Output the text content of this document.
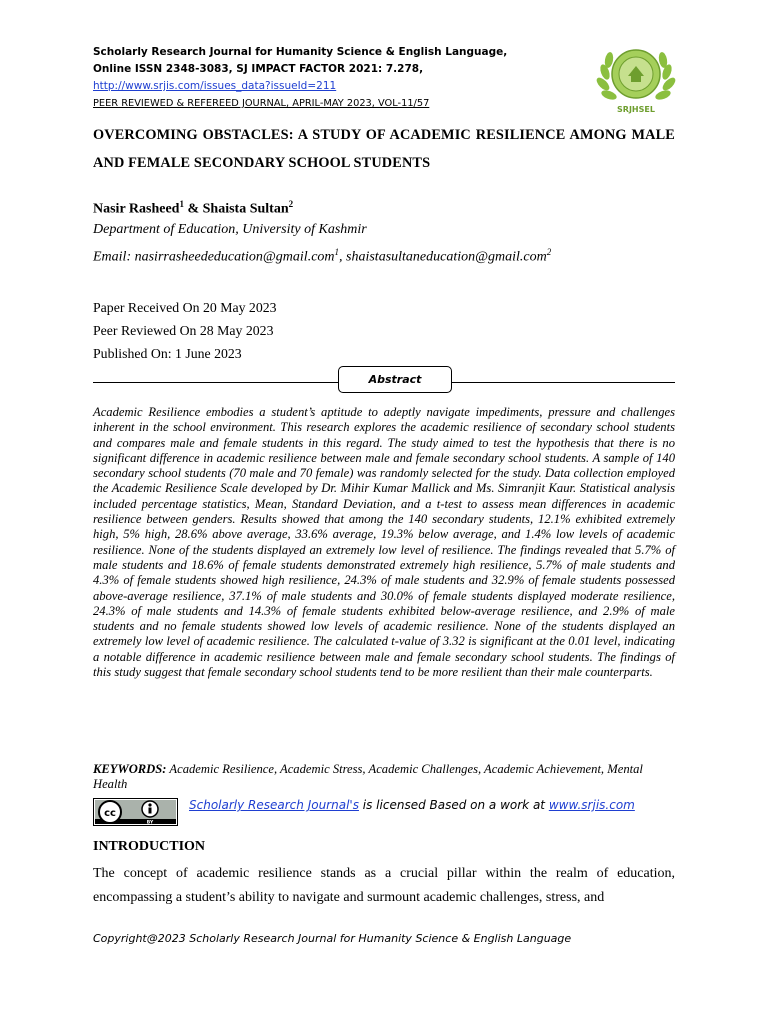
Scholarly Research Journal for Humanity Science & English Language,
Online ISSN 2348-3083, SJ IMPACT FACTOR 2021: 7.278,
http://www.srjis.com/issues_data?issueId=211
PEER REVIEWED & REFEREED JOURNAL, APRIL-MAY 2023, VOL-11/57
SRJHSEL
OVERCOMING OBSTACLES: A STUDY OF ACADEMIC RESILIENCE AMONG MALE AND FEMALE SECONDARY SCHOOL STUDENTS
Nasir Rasheed$^1$ & Shaista Sultan$^2$
Department of Education, University of Kashmir
Email: nasirrasheededucation@gmail.com$^1$, shaistasultaneducation@gmail.com$^2$
Paper Received On 20 May 2023
Peer Reviewed On 28 May 2023
Published On: 1 June 2023
Abstract
Academic Resilience embodies a student’s aptitude to adeptly navigate impediments, pressure and challenges inherent in the school environment. This research explores the academic resilience of secondary school students and compares male and female students in this regard. The study aimed to test the hypothesis that there is no significant difference in academic resilience between male and female secondary school students. A sample of 140 secondary school students (70 male and 70 female) was randomly selected for the study. Data collection employed the Academic Resilience Scale developed by Dr. Mihir Kumar Mallick and Ms. Simranjit Kaur. Statistical analysis included percentage statistics, Mean, Standard Deviation, and a t-test to assess mean differences in academic resilience between genders. Results showed that among the 140 secondary students, 12.1% exhibited extremely high, 5% high, 28.6% above average, 33.6% average, 19.3% below average, and 1.4% low levels of academic resilience. None of the students displayed an extremely low level of resilience. The findings revealed that 5.7% of male students and 18.6% of female students demonstrated extremely high resilience, 5.7% of male students and 4.3% of female students showed high resilience, 24.3% of male students and 32.9% of female students possessed above-average resilience, 37.1% of male students and 30.0% of female students displayed moderate resilience, 24.3% of male students and 14.3% of female students exhibited below-average resilience, and 2.9% of male students and no female students showed low levels of academic resilience. None of the students displayed an extremely low level of academic resilience. The calculated t-value of 3.32 is significant at the 0.01 level, indicating a notable difference in academic resilience between male and female secondary school students. The findings of this study suggest that female secondary school students tend to be more resilient than their male counterparts.
KEYWORDS: Academic Resilience, Academic Stress, Academic Challenges, Academic Achievement, Mental Health
cc
BY
Scholarly Research Journal's is licensed Based on a work at www.srjis.com
INTRODUCTION
The concept of academic resilience stands as a crucial pillar within the realm of education, encompassing a student’s ability to navigate and surmount academic challenges, stress, and
Copyright@2023 Scholarly Research Journal for Humanity Science & English Language
